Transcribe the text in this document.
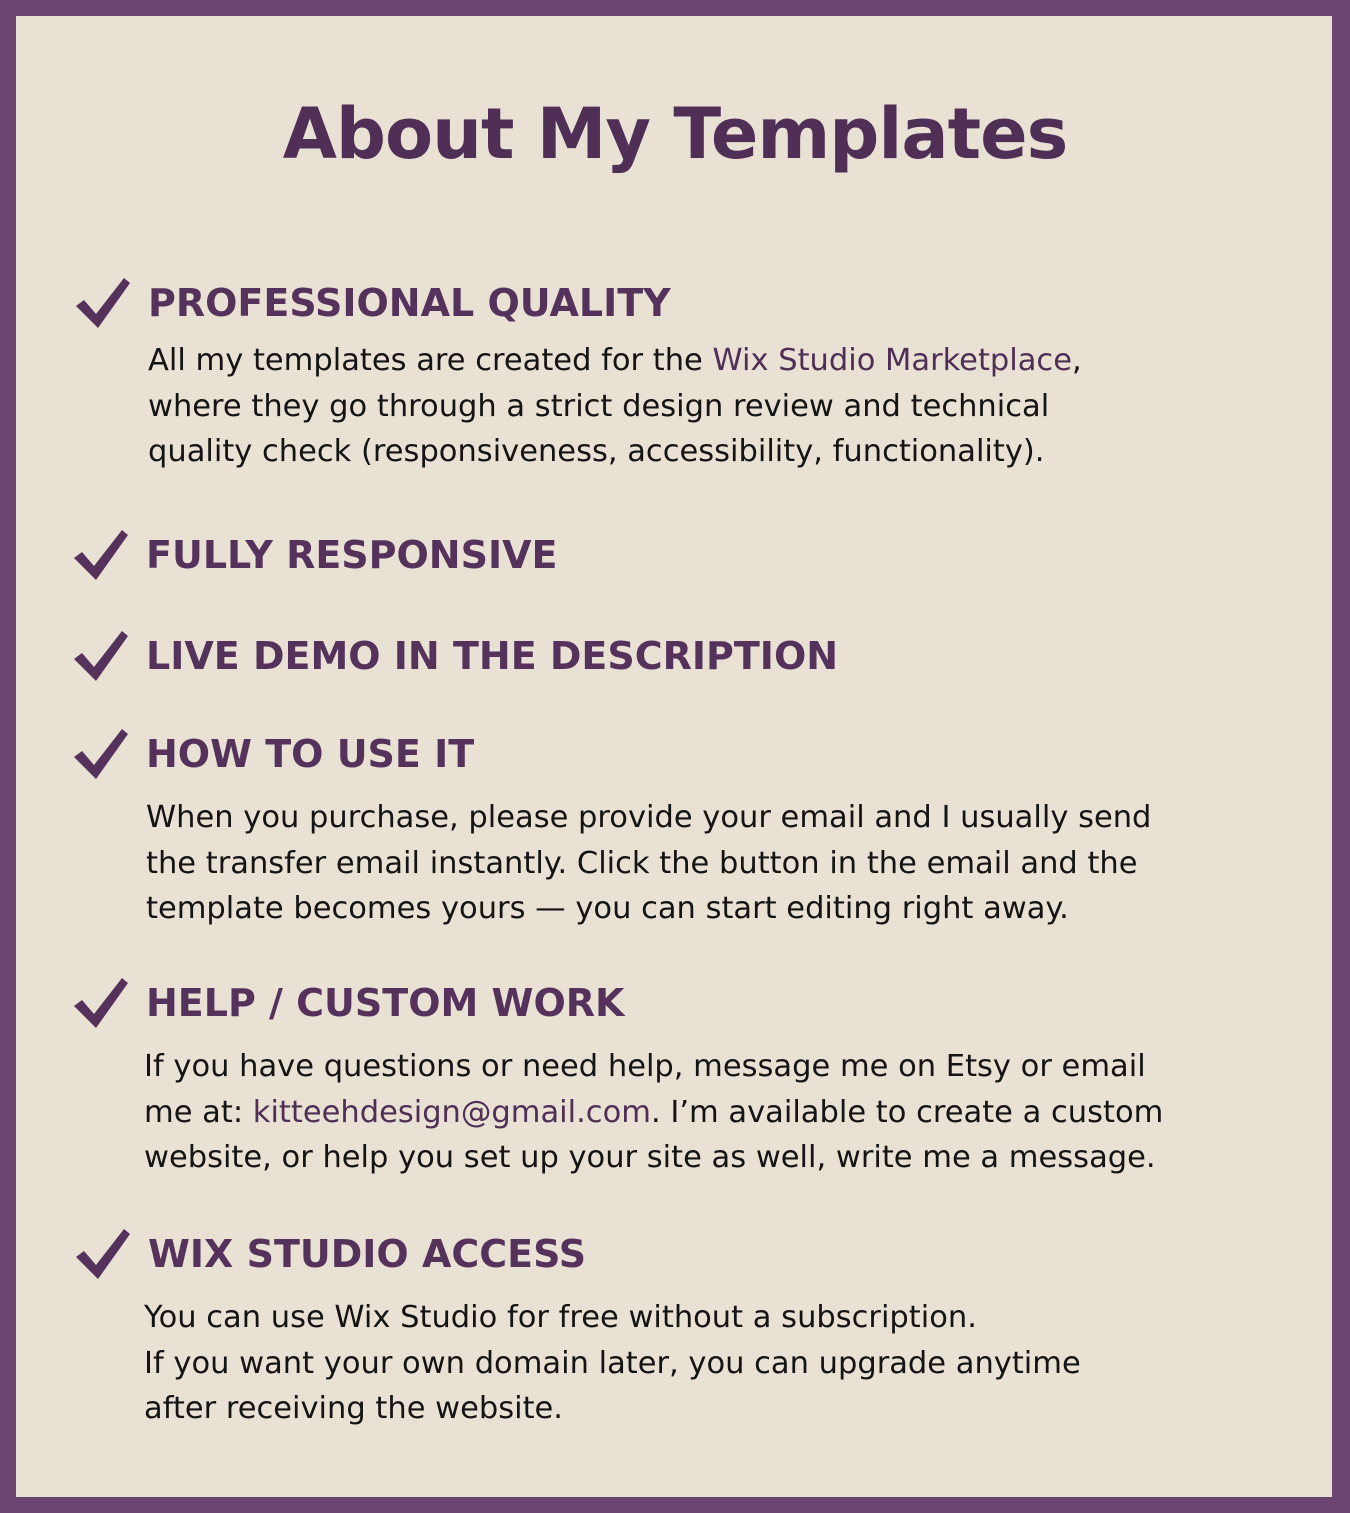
About My Templates
PROFESSIONAL QUALITY
All my templates are created for the Wix Studio Marketplace,
where they go through a strict design review and technical
quality check (responsiveness, accessibility, functionality).
FULLY RESPONSIVE
LIVE DEMO IN THE DESCRIPTION
HOW TO USE IT
When you purchase, please provide your email and I usually send
the transfer email instantly. Click the button in the email and the
template becomes yours — you can start editing right away.
HELP / CUSTOM WORK
If you have questions or need help, message me on Etsy or email
me at: kitteehdesign@gmail.com. I’m available to create a custom
website, or help you set up your site as well, write me a message.
WIX STUDIO ACCESS
You can use Wix Studio for free without a subscription.
If you want your own domain later, you can upgrade anytime
after receiving the website.
